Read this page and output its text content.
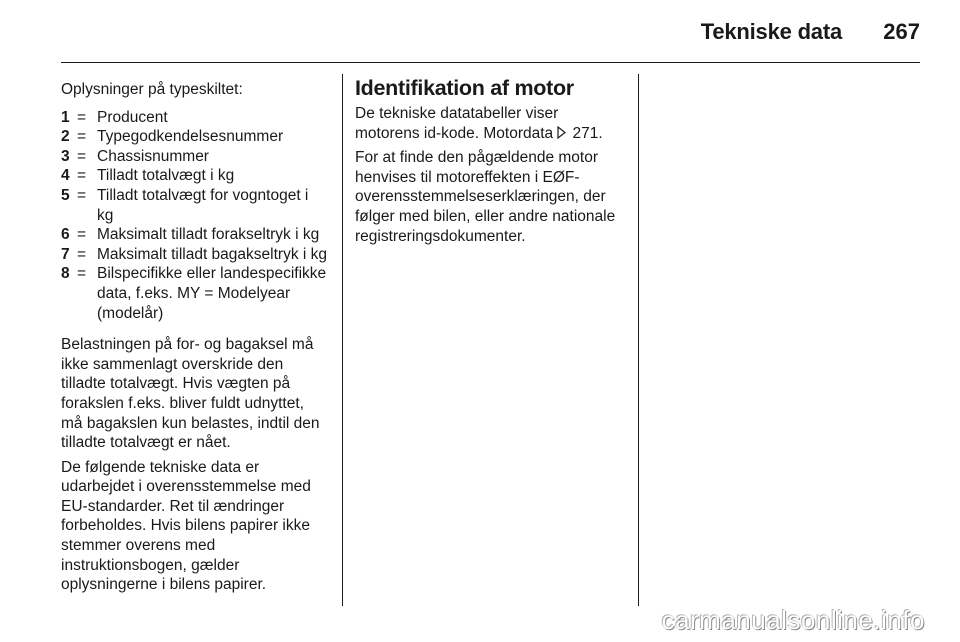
Tekniske data 267

Oplysninger på typeskiltet:

1 = Producent
2 = Typegodkendelsesnummer
3 = Chassisnummer
4 = Tilladt totalvægt i kg
5 = Tilladt totalvægt for vogntoget i kg
6 = Maksimalt tilladt forakseltryk i kg
7 = Maksimalt tilladt bagakseltryk i kg
8 = Bilspecifikke eller landespecifikke data, f.eks. MY = Modelyear (modelår)

Belastningen på for- og bagaksel må ikke sammenlagt overskride den tilladte totalvægt. Hvis vægten på forakslen f.eks. bliver fuldt udnyttet, må bagakslen kun belastes, indtil den tilladte totalvægt er nået.

De følgende tekniske data er udarbejdet i overensstemmelse med EU-standarder. Ret til ændringer forbeholdes. Hvis bilens papirer ikke stemmer overens med instruktionsbogen, gælder oplysningerne i bilens papirer.

Identifikation af motor

De tekniske datatabeller viser motorens id-kode. Motordata 271.

For at finde den pågældende motor henvises til motoreffekten i EØF-overensstemmelseserklæringen, der følger med bilen, eller andre nationale registreringsdokumenter.

carmanualsonline.info
